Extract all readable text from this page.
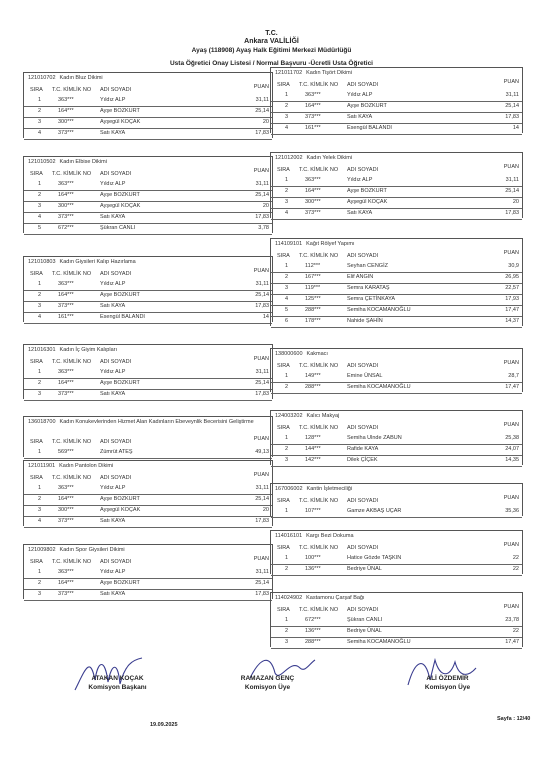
T.C.
Ankara VALİLİĞİ
Ayaş (118908) Ayaş Halk Eğitimi Merkezi Müdürlüğü
Usta Öğretici Onay Listesi / Normal Başvuru -Ücretli Usta Öğretici
121010702 Kadın Bluz Dikimi
SIRA T.C. KİMLİK NO ADI SOYADI	PUAN
1	363***	Yıldız ALP	31,11
2	164***	Ayşe BOZKURT	25,14
3	300***	Ayşegül KOÇAK	20
4	373***	Satı KAYA	17,83
121010502 Kadın Elbise Dikimi
SIRA T.C. KİMLİK NO ADI SOYADI	PUAN
1	363***	Yıldız ALP	31,11
2	164***	Ayşe BOZKURT	25,14
3	300***	Ayşegül KOÇAK	20
4	373***	Satı KAYA	17,83
5	672***	Şükran CANLI	3,78
121010803 Kadın Giysileri Kalıp Hazırlama
SIRA T.C. KİMLİK NO ADI SOYADI	PUAN
1	363***	Yıldız ALP	31,11
2	164***	Ayşe BOZKURT	25,14
3	373***	Satı KAYA	17,83
4	161***	Esengül BALANDI	14
121016301 Kadın İç Giyim Kalıpları
SIRA T.C. KİMLİK NO ADI SOYADI	PUAN
1	363***	Yıldız ALP	31,11
2	164***	Ayşe BOZKURT	25,14
3	373***	Satı KAYA	17,83
136018700 Kadın Konukevlerinden Hizmet Alan Kadınların Ebeveynlik Becerisini Geliştirme
SIRA T.C. KİMLİK NO ADI SOYADI	PUAN
1	569***	Zümrüt ATEŞ	49,13
121011901 Kadın Pantolon Dikimi
SIRA T.C. KİMLİK NO ADI SOYADI	PUAN
1	363***	Yıldız ALP	31,11
2	164***	Ayşe BOZKURT	25,14
3	300***	Ayşegül KOÇAK	20
4	373***	Satı KAYA	17,83
121009802 Kadın Spor Giysileri Dikimi
SIRA T.C. KİMLİK NO ADI SOYADI	PUAN
1	363***	Yıldız ALP	31,11
2	164***	Ayşe BOZKURT	25,14
3	373***	Satı KAYA	17,83
121011702 Kadın Tişört Dikimi
SIRA T.C. KİMLİK NO ADI SOYADI	PUAN
1	363***	Yıldız ALP	31,11
2	164***	Ayşe BOZKURT	25,14
3	373***	Satı KAYA	17,83
4	161***	Esengül BALANDI	14
121012002 Kadın Yelek Dikimi
SIRA T.C. KİMLİK NO ADI SOYADI	PUAN
1	363***	Yıldız ALP	31,11
2	164***	Ayşe BOZKURT	25,14
3	300***	Ayşegül KOÇAK	20
4	373***	Satı KAYA	17,83
114109101 Kağıt Rölyef Yapımı
SIRA T.C. KİMLİK NO ADI SOYADI	PUAN
1	112***	Seyhan CENGİZ	30,9
2	167***	Elif ANGIN	26,95
3	119***	Semra KARATAŞ	22,57
4	125***	Semra ÇETİNKAYA	17,93
5	288***	Semiha KOCAMANOĞLU	17,47
6	178***	Nahide ŞAHİN	14,37
138000600 Kakmacı
SIRA T.C. KİMLİK NO ADI SOYADI	PUAN
1	149***	Emine ÜNSAL	28,7
2	288***	Semiha KOCAMANOĞLU	17,47
124003202 Kalıcı Makyaj
SIRA T.C. KİMLİK NO ADI SOYADI	PUAN
1	128***	Semiha Ulnde ZABUN	25,38
2	144***	Rafide KAYA	24,07
3	142***	Dilek ÇİÇEK	14,35
167006002 Kantin İşletmeciliği
SIRA T.C. KİMLİK NO ADI SOYADI	PUAN
1	107***	Gamze AKBAŞ UÇAR	35,36
114016101 Kargı Bezi Dokuma
SIRA T.C. KİMLİK NO ADI SOYADI	PUAN
1	100***	Hatice Gözde TAŞKIN	22
2	136***	Bedriye ÜNAL	22
114024902 Kastamonu Çarşaf Bağı
SIRA T.C. KİMLİK NO ADI SOYADI	PUAN
1	672***	Şükran CANLI	23,78
2	136***	Bedriye ÜNAL	22
3	288***	Semiha KOCAMANOĞLU	17,47
ATAKAN KOÇAK
Komisyon Başkanı
RAMAZAN GENÇ
Komisyon Üye
ALİ ÖZDEMİR
Komisyon Üye
19.09.2025
Sayfa : 12/40
